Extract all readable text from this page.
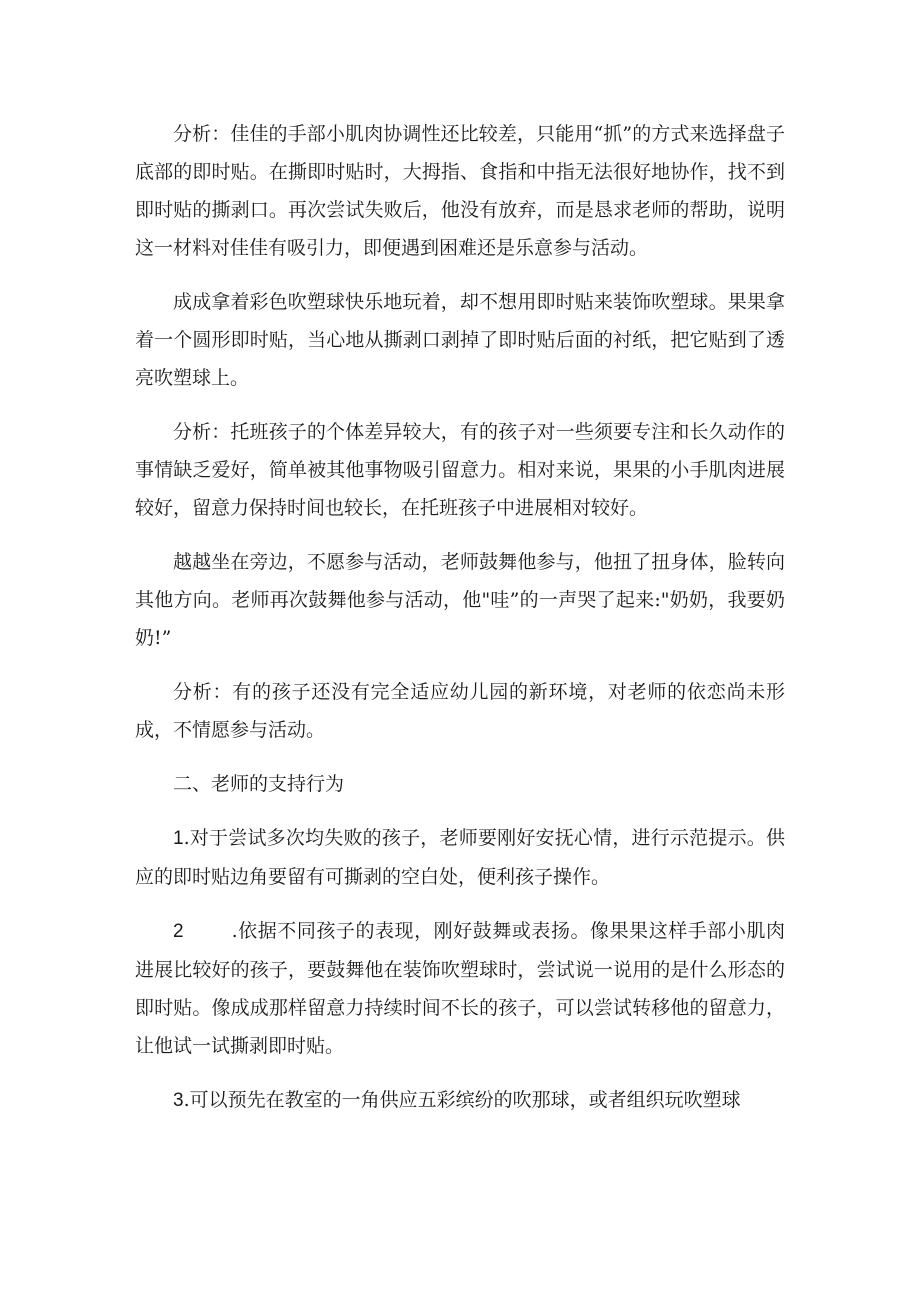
分析：佳佳的手部小肌肉协调性还比较差，只能用“抓”的方式来选择盘子底部的即时贴。在撕即时贴时，大拇指、食指和中指无法很好地协作，找不到即时贴的撕剥口。再次尝试失败后，他没有放弃，而是恳求老师的帮助，说明这一材料对佳佳有吸引力，即便遇到困难还是乐意参与活动。

成成拿着彩色吹塑球快乐地玩着，却不想用即时贴来装饰吹塑球。果果拿着一个圆形即时贴，当心地从撕剥口剥掉了即时贴后面的衬纸，把它贴到了透亮吹塑球上。

分析：托班孩子的个体差异较大，有的孩子对一些须要专注和长久动作的事情缺乏爱好，简单被其他事物吸引留意力。相对来说，果果的小手肌肉进展较好，留意力保持时间也较长，在托班孩子中进展相对较好。

越越坐在旁边，不愿参与活动，老师鼓舞他参与，他扭了扭身体，脸转向其他方向。老师再次鼓舞他参与活动，他"哇”的一声哭了起来:"奶奶，我要奶奶!”

分析：有的孩子还没有完全适应幼儿园的新环境，对老师的依恋尚未形成，不情愿参与活动。

二、老师的支持行为

1.对于尝试多次均失败的孩子，老师要刚好安抚心情，进行示范提示。供应的即时贴边角要留有可撕剥的空白处，便利孩子操作。

2	.依据不同孩子的表现，刚好鼓舞或表扬。像果果这样手部小肌肉进展比较好的孩子，要鼓舞他在装饰吹塑球时，尝试说一说用的是什么形态的即时贴。像成成那样留意力持续时间不长的孩子，可以尝试转移他的留意力，让他试一试撕剥即时贴。

3.可以预先在教室的一角供应五彩缤纷的吹那球，或者组织玩吹塑球
